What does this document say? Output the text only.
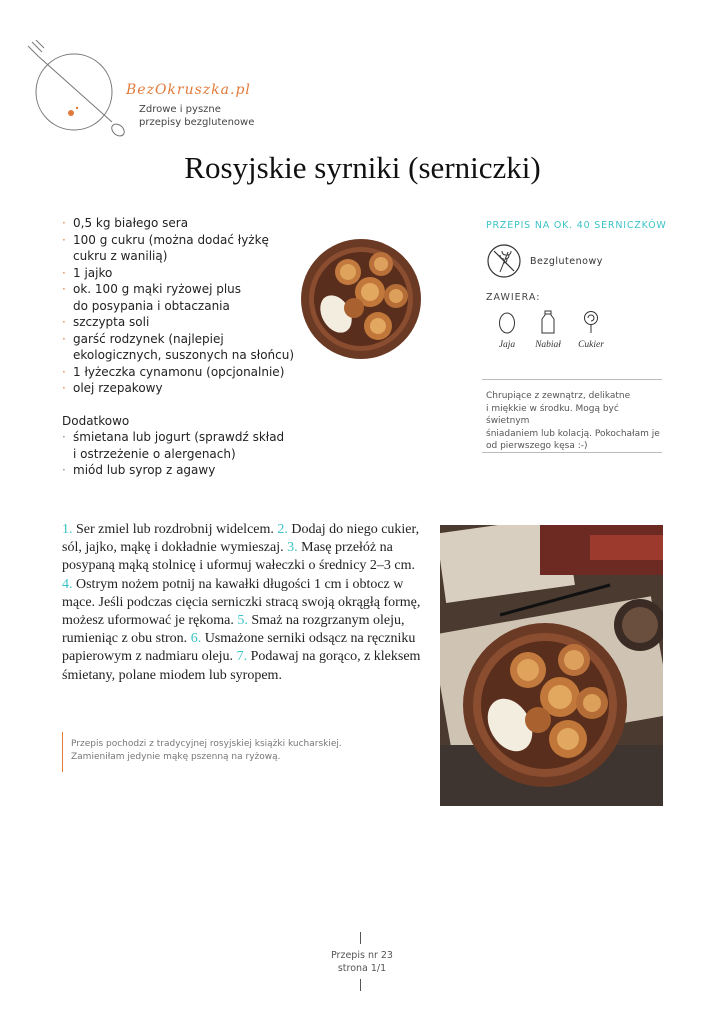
BezOkruszka.pl
Zdrowe i pyszne
przepisy bezglutenowe
Rosyjskie syrniki (serniczki)
· 0,5 kg białego sera
· 100 g cukru (można dodać łyżkę
cukru z wanilią)
· 1 jajko
· ok. 100 g mąki ryżowej plus
do posypania i obtaczania
· szczypta soli
· garść rodzynek (najlepiej
ekologicznych, suszonych na słońcu)
· 1 łyżeczka cynamonu (opcjonalnie)
· olej rzepakowy
Dodatkowo
· śmietana lub jogurt (sprawdź skład
i ostrzeżenie o alergenach)
· miód lub syrop z agawy
PRZEPIS NA OK. 40 SERNICZKÓW
Bezglutenowy
ZAWIERA:
Jaja	Nabiał	Cukier
Chrupiące z zewnątrz, delikatne
i miękkie w środku. Mogą być świetnym
śniadaniem lub kolacją. Pokochałam je
od pierwszego kęsa :-)
1. Ser zmiel lub rozdrobnij widelcem. 2. Dodaj do niego cukier, sól, jajko, mąkę i dokładnie wymieszaj. 3. Masę przełóż na posypaną mąką stolnicę i uformuj wałeczki o średnicy 2–3 cm. 4. Ostrym nożem potnij na kawałki długości 1 cm i obtocz w mące. Jeśli podczas cięcia serniczki stracą swoją okrągłą formę, możesz uformować je rękoma. 5. Smaż na rozgrzanym oleju, rumieniąc z obu stron. 6. Usmażone serniki odsącz na ręczniku papierowym z nadmiaru oleju. 7. Podawaj na gorąco, z kleksem śmietany, polane miodem lub syropem.
Przepis pochodzi z tradycyjnej rosyjskiej książki kucharskiej.
Zamieniłam jedynie mąkę pszenną na ryżową.
Przepis nr 23
strona 1/1
